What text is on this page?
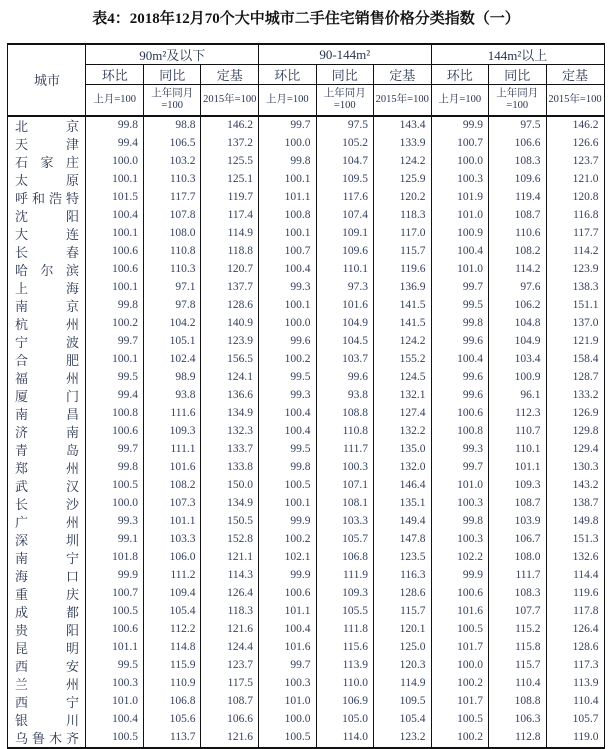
表4：2018年12月70个大中城市二手住宅销售价格分类指数（一）
城市	90m²及以下			90-144m²			144m²以上		
	环比	同比	定基	环比	同比	定基	环比	同比	定基
	上月=100	上年同月=100	2015年=100	上月=100	上年同月=100	2015年=100	上月=100	上年同月=100	2015年=100
北京	99.8	98.8	146.2	99.7	97.5	143.4	99.9	97.5	146.2
天津	99.4	106.5	137.2	100.0	105.2	133.9	100.7	106.6	126.6
石家庄	100.0	103.2	125.5	99.8	104.7	124.2	100.0	108.3	123.7
太原	100.1	110.3	125.1	100.1	109.5	125.9	100.3	109.6	121.0
呼和浩特	101.5	117.7	119.7	101.1	117.6	120.2	101.9	119.4	120.8
沈阳	100.4	107.8	117.4	100.8	107.4	118.3	101.0	108.7	116.8
大连	100.1	108.0	114.9	100.1	109.1	117.0	100.9	110.6	117.7
长春	100.6	110.8	118.8	100.7	109.6	115.7	100.4	108.2	114.2
哈尔滨	100.6	110.3	120.7	100.4	110.1	119.6	101.0	114.2	123.9
上海	100.1	97.1	137.7	99.3	97.3	136.9	99.7	97.6	138.3
南京	99.8	97.8	128.6	100.1	101.6	141.5	99.5	106.2	151.1
杭州	100.2	104.2	140.9	100.0	104.9	141.5	99.8	104.8	137.0
宁波	99.7	105.1	123.9	99.6	104.5	124.2	99.6	104.9	121.9
合肥	100.1	102.4	156.5	100.2	103.7	155.2	100.4	103.4	158.4
福州	99.5	98.9	124.1	99.5	99.6	124.5	99.6	100.9	128.7
厦门	99.4	93.8	136.6	99.3	93.8	132.1	99.6	96.1	133.2
南昌	100.8	111.6	134.9	100.4	108.8	127.4	100.6	112.3	126.9
济南	100.6	109.3	132.3	100.4	110.8	132.2	100.8	110.7	129.8
青岛	99.7	111.1	133.7	99.5	111.7	135.0	99.3	110.1	129.4
郑州	99.8	101.6	133.8	99.8	100.3	132.0	99.7	101.1	130.3
武汉	100.5	108.2	150.0	100.5	107.1	146.4	101.0	109.3	143.2
长沙	100.0	107.3	134.9	100.1	108.1	135.1	100.3	108.7	138.7
广州	99.3	101.1	150.5	99.9	103.3	149.4	99.8	103.9	149.8
深圳	99.1	103.3	152.8	100.2	105.7	147.8	100.3	106.7	151.3
南宁	101.8	106.0	121.1	102.1	106.8	123.5	102.2	108.0	132.6
海口	99.9	111.2	114.3	99.9	111.9	116.3	99.9	111.7	114.4
重庆	100.7	109.4	126.4	100.6	109.3	128.6	100.6	108.3	119.6
成都	100.5	105.4	118.3	101.1	105.5	115.7	101.6	107.7	117.8
贵阳	100.6	112.2	121.6	100.4	111.8	120.1	100.5	115.2	126.4
昆明	101.1	114.8	124.4	101.6	115.6	125.0	101.7	115.8	128.6
西安	99.5	115.9	123.7	99.7	113.9	120.3	100.0	115.7	117.3
兰州	100.3	110.9	117.5	100.3	110.0	114.9	100.2	110.4	113.9
西宁	101.0	106.8	108.7	101.0	106.9	109.5	101.7	108.8	110.4
银川	100.4	105.6	106.6	100.0	105.0	105.4	100.5	106.3	105.7
乌鲁木齐	100.5	113.7	121.6	100.5	114.0	123.2	100.2	112.8	119.0
